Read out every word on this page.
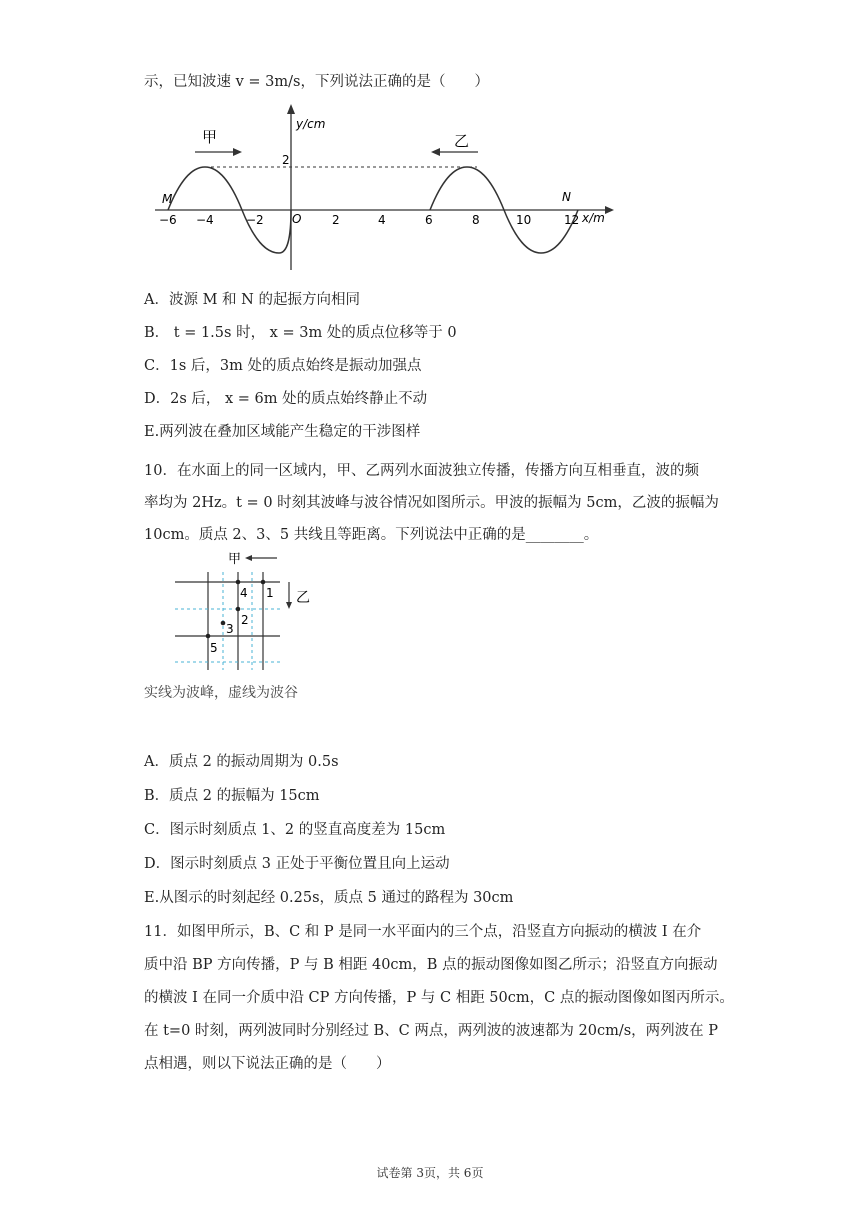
示，已知波速 v = 3m/s，下列说法正确的是（　　）
甲	乙
y/cm
2
O
M	N
x/m
−6 −4	−2	2	4	6	8	10	12
A．波源 M 和 N 的起振方向相同
B． t = 1.5s 时， x = 3m 处的质点位移等于 0
C．1s 后，3m 处的质点始终是振动加强点
D．2s 后， x = 6m 处的质点始终静止不动
E.两列波在叠加区域能产生稳定的干涉图样
10．在水面上的同一区域内，甲、乙两列水面波独立传播，传播方向互相垂直，波的频
率均为 2Hz。t = 0 时刻其波峰与波谷情况如图所示。甲波的振幅为 5cm，乙波的振幅为
10cm。质点 2、3、5 共线且等距离。下列说法中正确的是________。
甲
乙
1
2
3
4
5
实线为波峰，虚线为波谷
A．质点 2 的振动周期为 0.5s
B．质点 2 的振幅为 15cm
C．图示时刻质点 1、2 的竖直高度差为 15cm
D．图示时刻质点 3 正处于平衡位置且向上运动
E.从图示的时刻起经 0.25s，质点 5 通过的路程为 30cm
11．如图甲所示，B、C 和 P 是同一水平面内的三个点，沿竖直方向振动的横波 I 在介
质中沿 BP 方向传播，P 与 B 相距 40cm，B 点的振动图像如图乙所示；沿竖直方向振动
的横波 I 在同一介质中沿 CP 方向传播，P 与 C 相距 50cm，C 点的振动图像如图丙所示。
在 t=0 时刻，两列波同时分别经过 B、C 两点，两列波的波速都为 20cm/s，两列波在 P
点相遇，则以下说法正确的是（　　）
试卷第 3页，共 6页
